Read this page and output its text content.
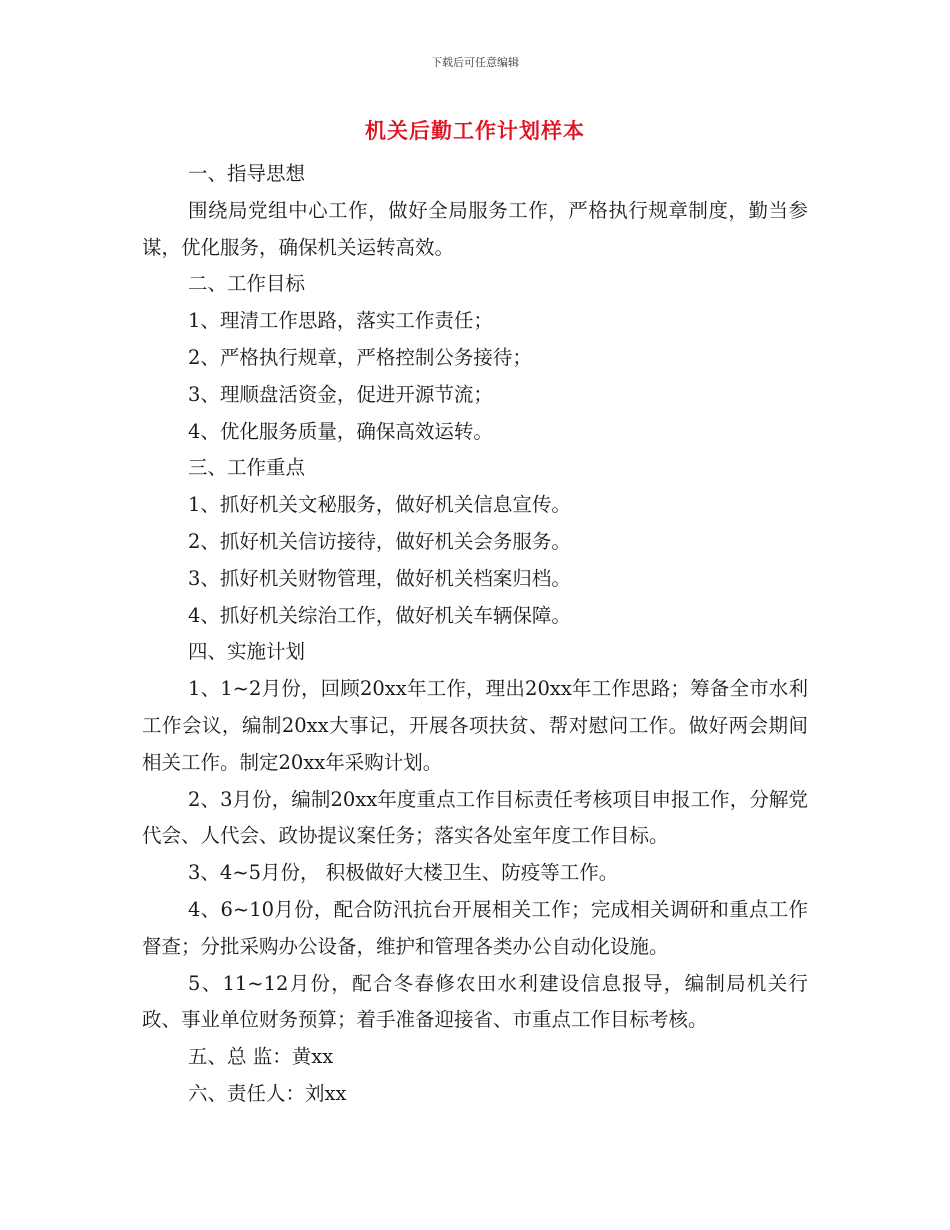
下载后可任意编辑
机关后勤工作计划样本

一、指导思想

围绕局党组中心工作，做好全局服务工作，严格执行规章制度，勤当参谋，优化服务，确保机关运转高效。

二、工作目标

1、理清工作思路，落实工作责任；

2、严格执行规章，严格控制公务接待；

3、理顺盘活资金，促进开源节流；

4、优化服务质量，确保高效运转。

三、工作重点

1、抓好机关文秘服务，做好机关信息宣传。

2、抓好机关信访接待，做好机关会务服务。

3、抓好机关财物管理，做好机关档案归档。

4、抓好机关综治工作，做好机关车辆保障。

四、实施计划

1、1~2月份，回顾20xx年工作，理出20xx年工作思路；筹备全市水利工作会议，编制20xx大事记，开展各项扶贫、帮对慰问工作。做好两会期间相关工作。制定20xx年采购计划。

2、3月份，编制20xx年度重点工作目标责任考核项目申报工作，分解党代会、人代会、政协提议案任务；落实各处室年度工作目标。

3、4~5月份， 积极做好大楼卫生、防疫等工作。

4、6~10月份，配合防汛抗台开展相关工作；完成相关调研和重点工作督查；分批采购办公设备，维护和管理各类办公自动化设施。

5、11~12月份，配合冬春修农田水利建设信息报导，编制局机关行政、事业单位财务预算；着手准备迎接省、市重点工作目标考核。

五、总 监：黄xx

六、责任人：刘xx
